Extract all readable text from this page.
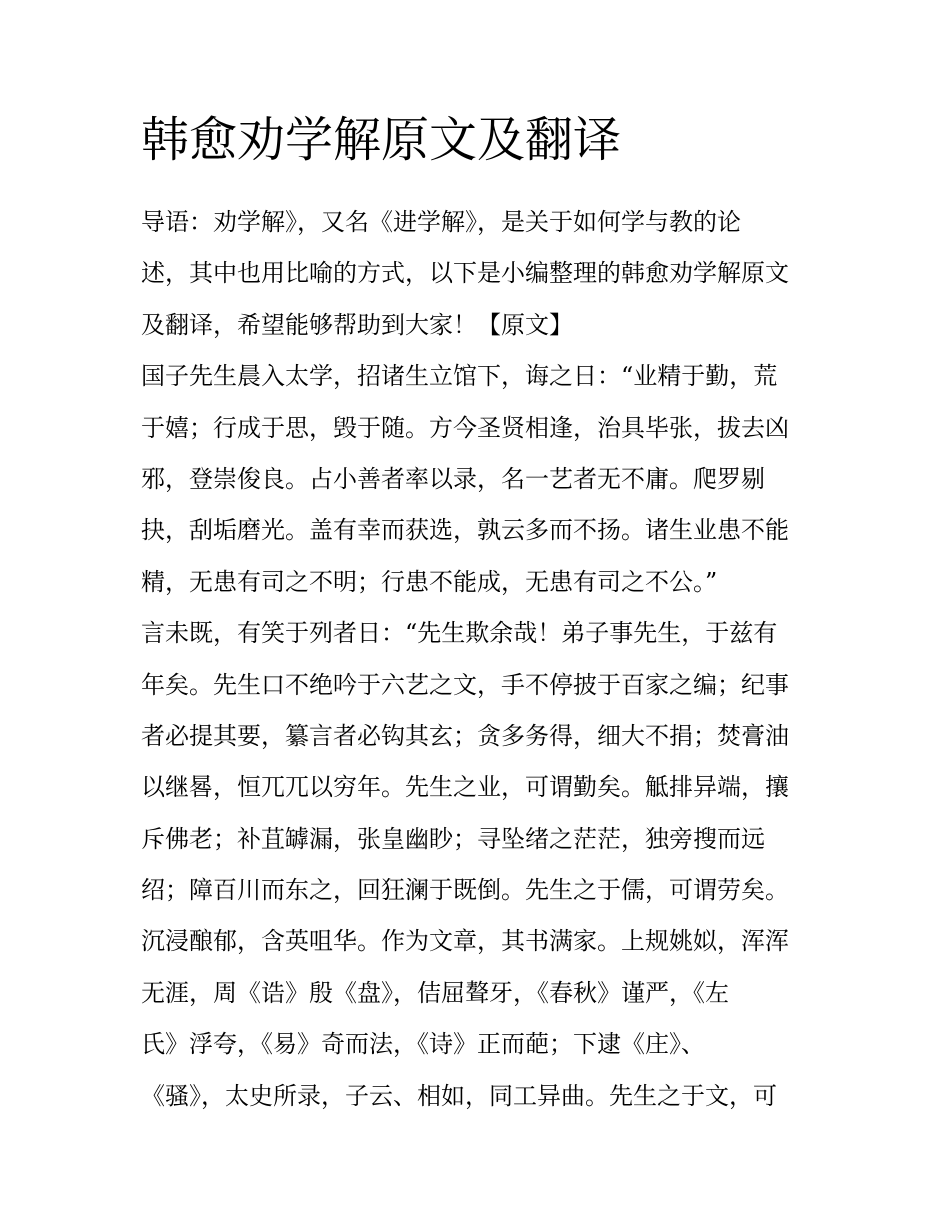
韩愈劝学解原文及翻译
导语：劝学解》，又名《进学解》，是关于如何学与教的论
述，其中也用比喻的方式，以下是小编整理的韩愈劝学解原文
及翻译，希望能够帮助到大家！【原文】
国子先生晨入太学，招诸生立馆下，诲之日：“业精于勤，荒
于嬉；行成于思，毁于随。方今圣贤相逢，治具毕张，拔去凶
邪，登崇俊良。占小善者率以录，名一艺者无不庸。爬罗剔
抉，刮垢磨光。盖有幸而获选，孰云多而不扬。诸生业患不能
精，无患有司之不明；行患不能成，无患有司之不公。”
言未既，有笑于列者日：“先生欺余哉！弟子事先生，于兹有
年矣。先生口不绝吟于六艺之文，手不停披于百家之编；纪事
者必提其要，纂言者必钩其玄；贪多务得，细大不捐；焚膏油
以继晷，恒兀兀以穷年。先生之业，可谓勤矣。觝排异端，攘
斥佛老；补苴罅漏，张皇幽眇；寻坠绪之茫茫，独旁搜而远
绍；障百川而东之，回狂澜于既倒。先生之于儒，可谓劳矣。
沉浸酿郁，含英咀华。作为文章，其书满家。上规姚姒，浑浑
无涯，周《诰》殷《盘》，佶屈聱牙，《春秋》谨严，《左
氏》浮夸，《易》奇而法，《诗》正而葩；下逮《庄》、
《骚》，太史所录，子云、相如，同工异曲。先生之于文，可
